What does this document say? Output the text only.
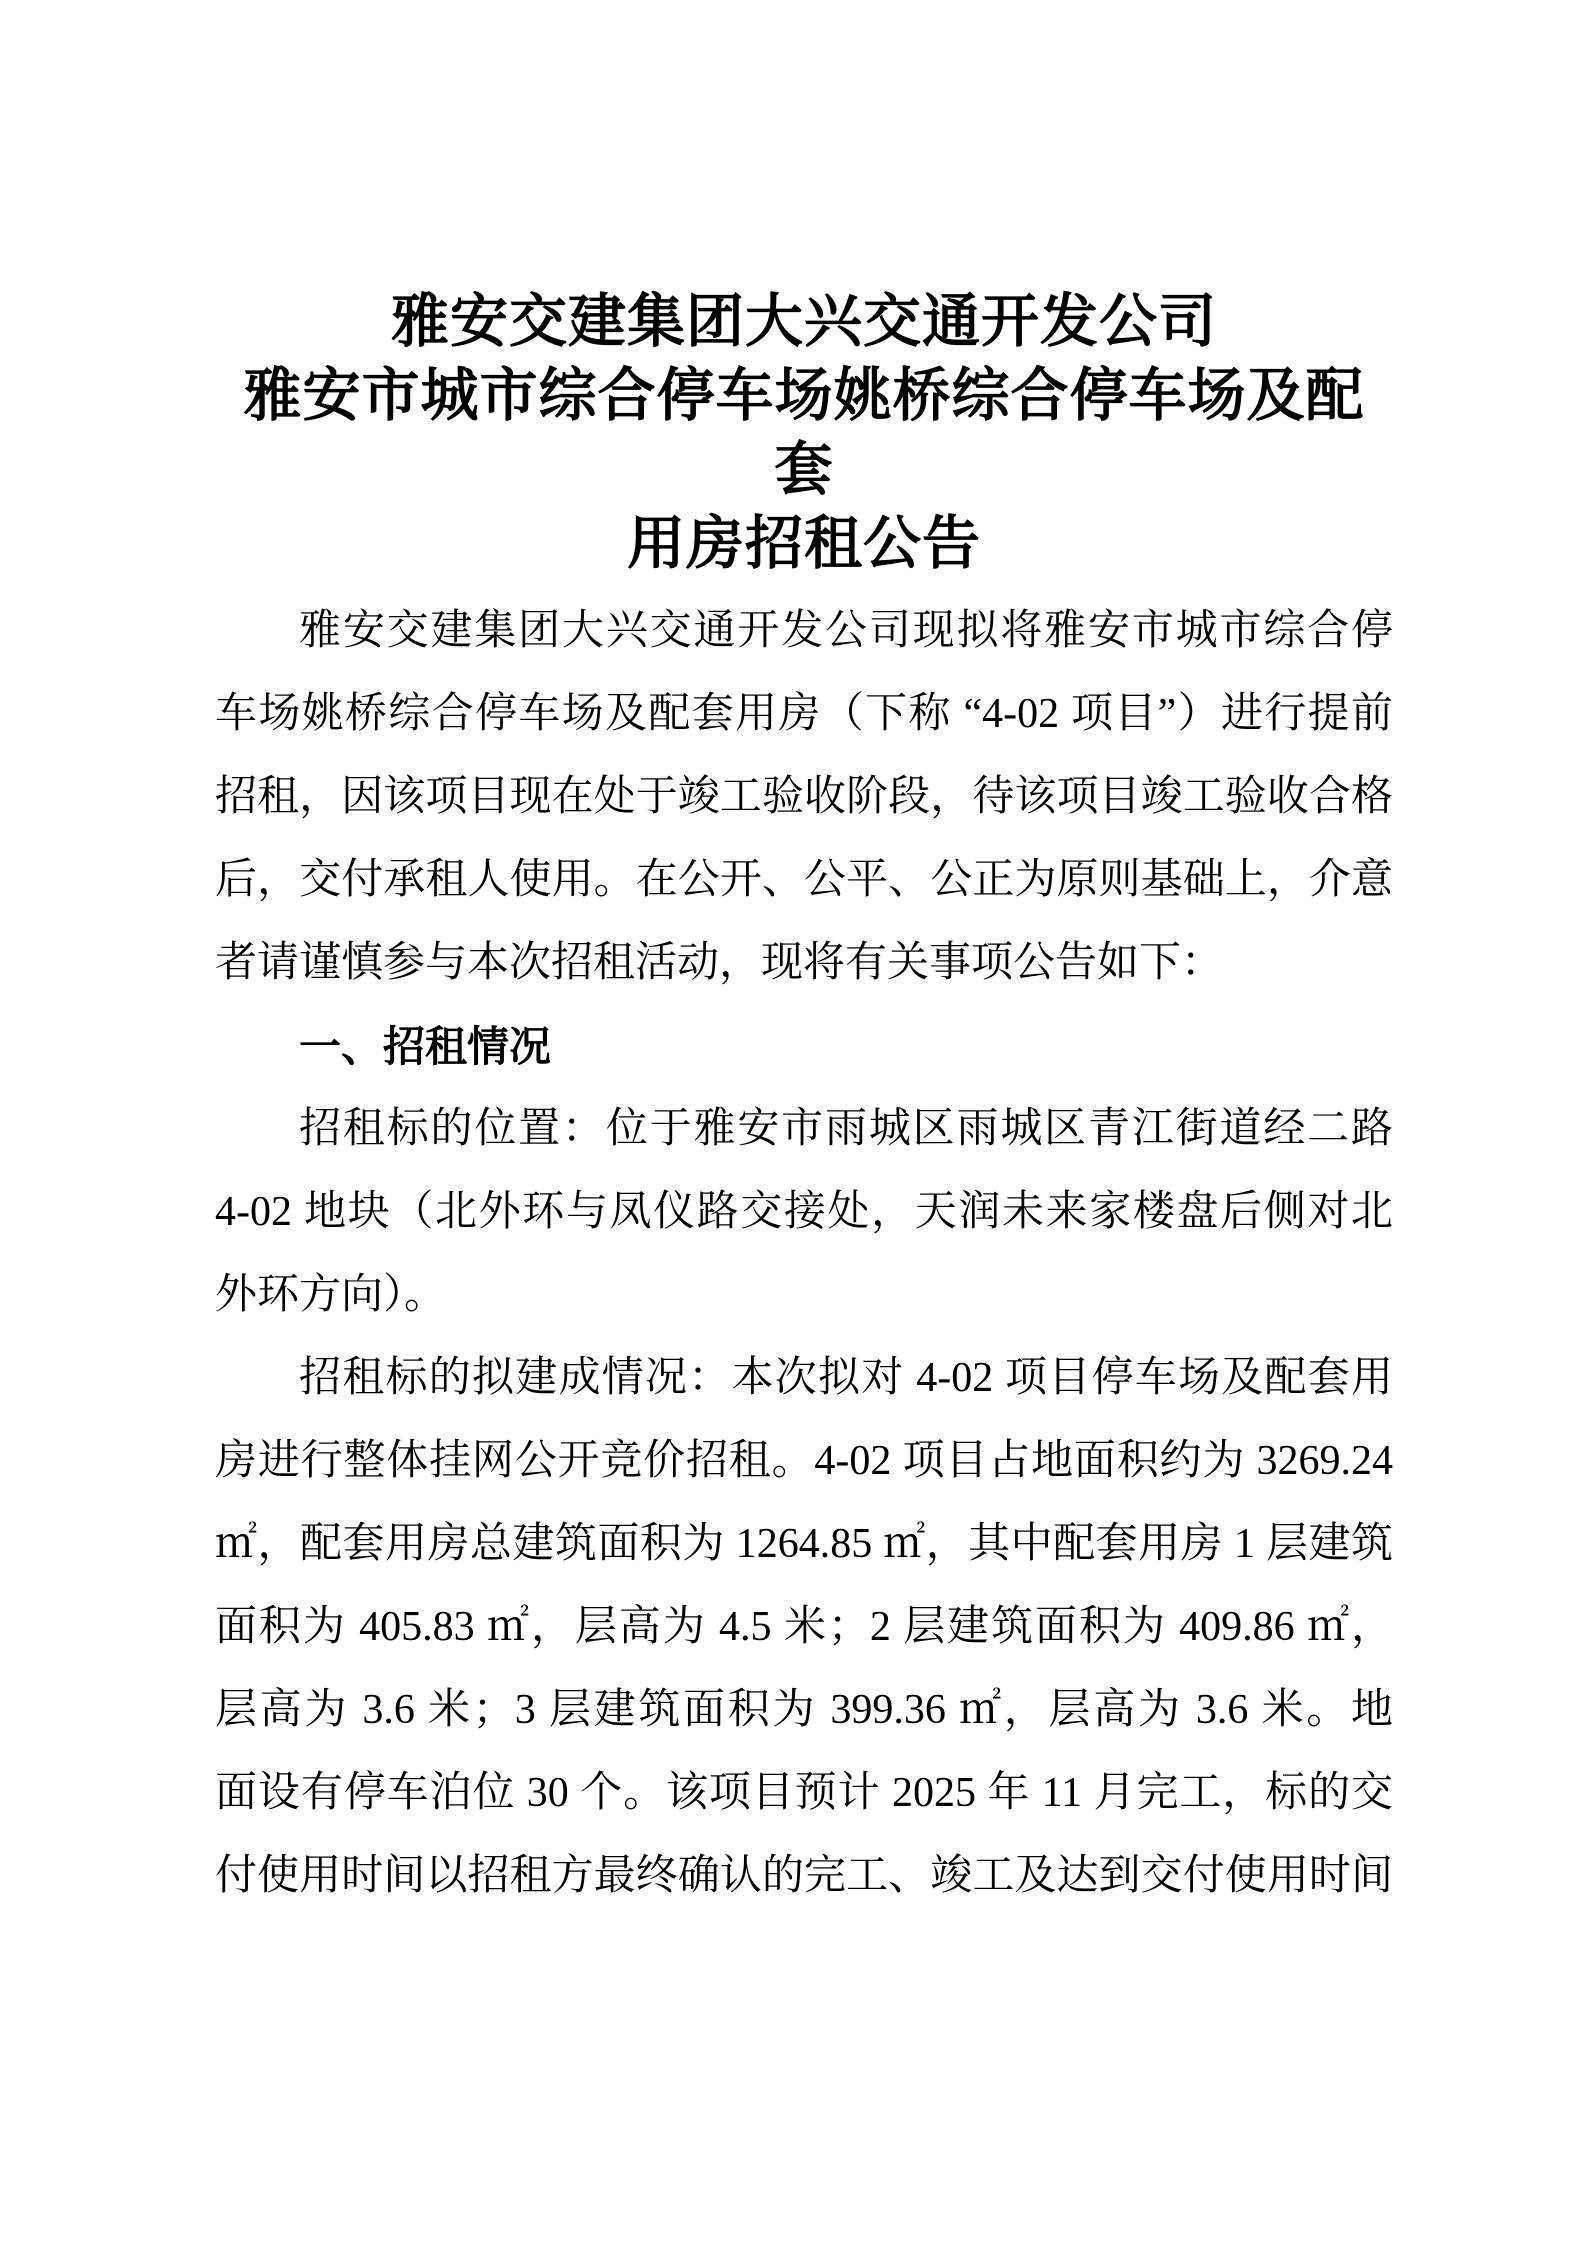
雅安交建集团大兴交通开发公司
雅安市城市综合停车场姚桥综合停车场及配套
用房招租公告
雅安交建集团大兴交通开发公司现拟将雅安市城市综合停
车场姚桥综合停车场及配套用房（下称 “4-02 项目”）进行提前
招租，因该项目现在处于竣工验收阶段，待该项目竣工验收合格
后，交付承租人使用。在公开、公平、公正为原则基础上，介意
者请谨慎参与本次招租活动，现将有关事项公告如下：
一、招租情况
招租标的位置：位于雅安市雨城区雨城区青江街道经二路
4-02 地块（北外环与凤仪路交接处，天润未来家楼盘后侧对北
外环方向）。
招租标的拟建成情况：本次拟对 4-02 项目停车场及配套用
房进行整体挂网公开竞价招租。4-02 项目占地面积约为 3269.24
㎡，配套用房总建筑面积为 1264.85 ㎡，其中配套用房 1 层建筑
面积为 405.83 ㎡，层高为 4.5 米；2 层建筑面积为 409.86 ㎡，
层高为 3.6 米；3 层建筑面积为 399.36 ㎡，层高为 3.6 米。地
面设有停车泊位 30 个。该项目预计 2025 年 11 月完工，标的交
付使用时间以招租方最终确认的完工、竣工及达到交付使用时间
